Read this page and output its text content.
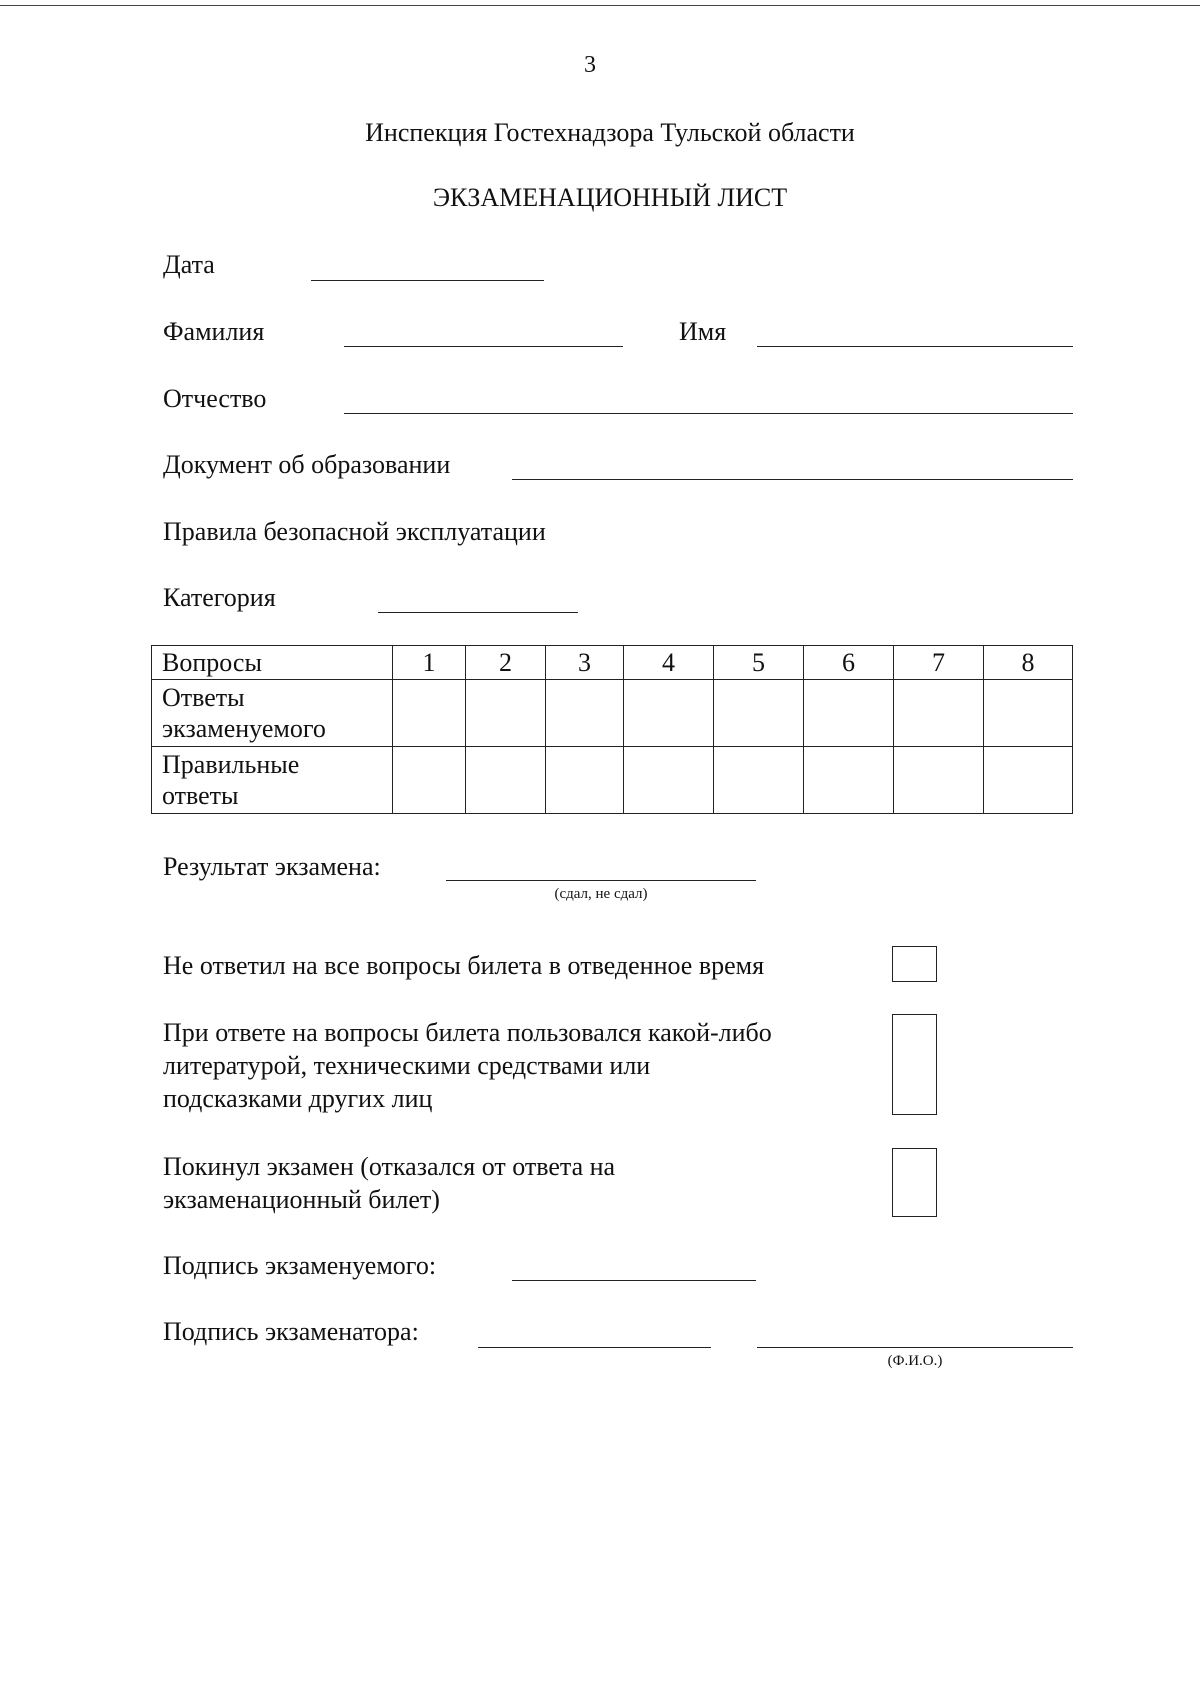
3
Инспекция Гостехнадзора Тульской области
ЭКЗАМЕНАЦИОННЫЙ ЛИСТ
Дата
Фамилия	Имя
Отчество
Документ об образовании
Правила безопасной эксплуатации
Категория
Вопросы	1	2	3	4	5	6	7	8
Ответы экзаменуемого								
Правильные ответы								
Результат экзамена:
(сдал, не сдал)
Не ответил на все вопросы билета в отведенное время
При ответе на вопросы билета пользовался какой-либо
литературой, техническими средствами или
подсказками других лиц
Покинул экзамен (отказался от ответа на
экзаменационный билет)
Подпись экзаменуемого:
Подпись экзаменатора:
(Ф.И.О.)
